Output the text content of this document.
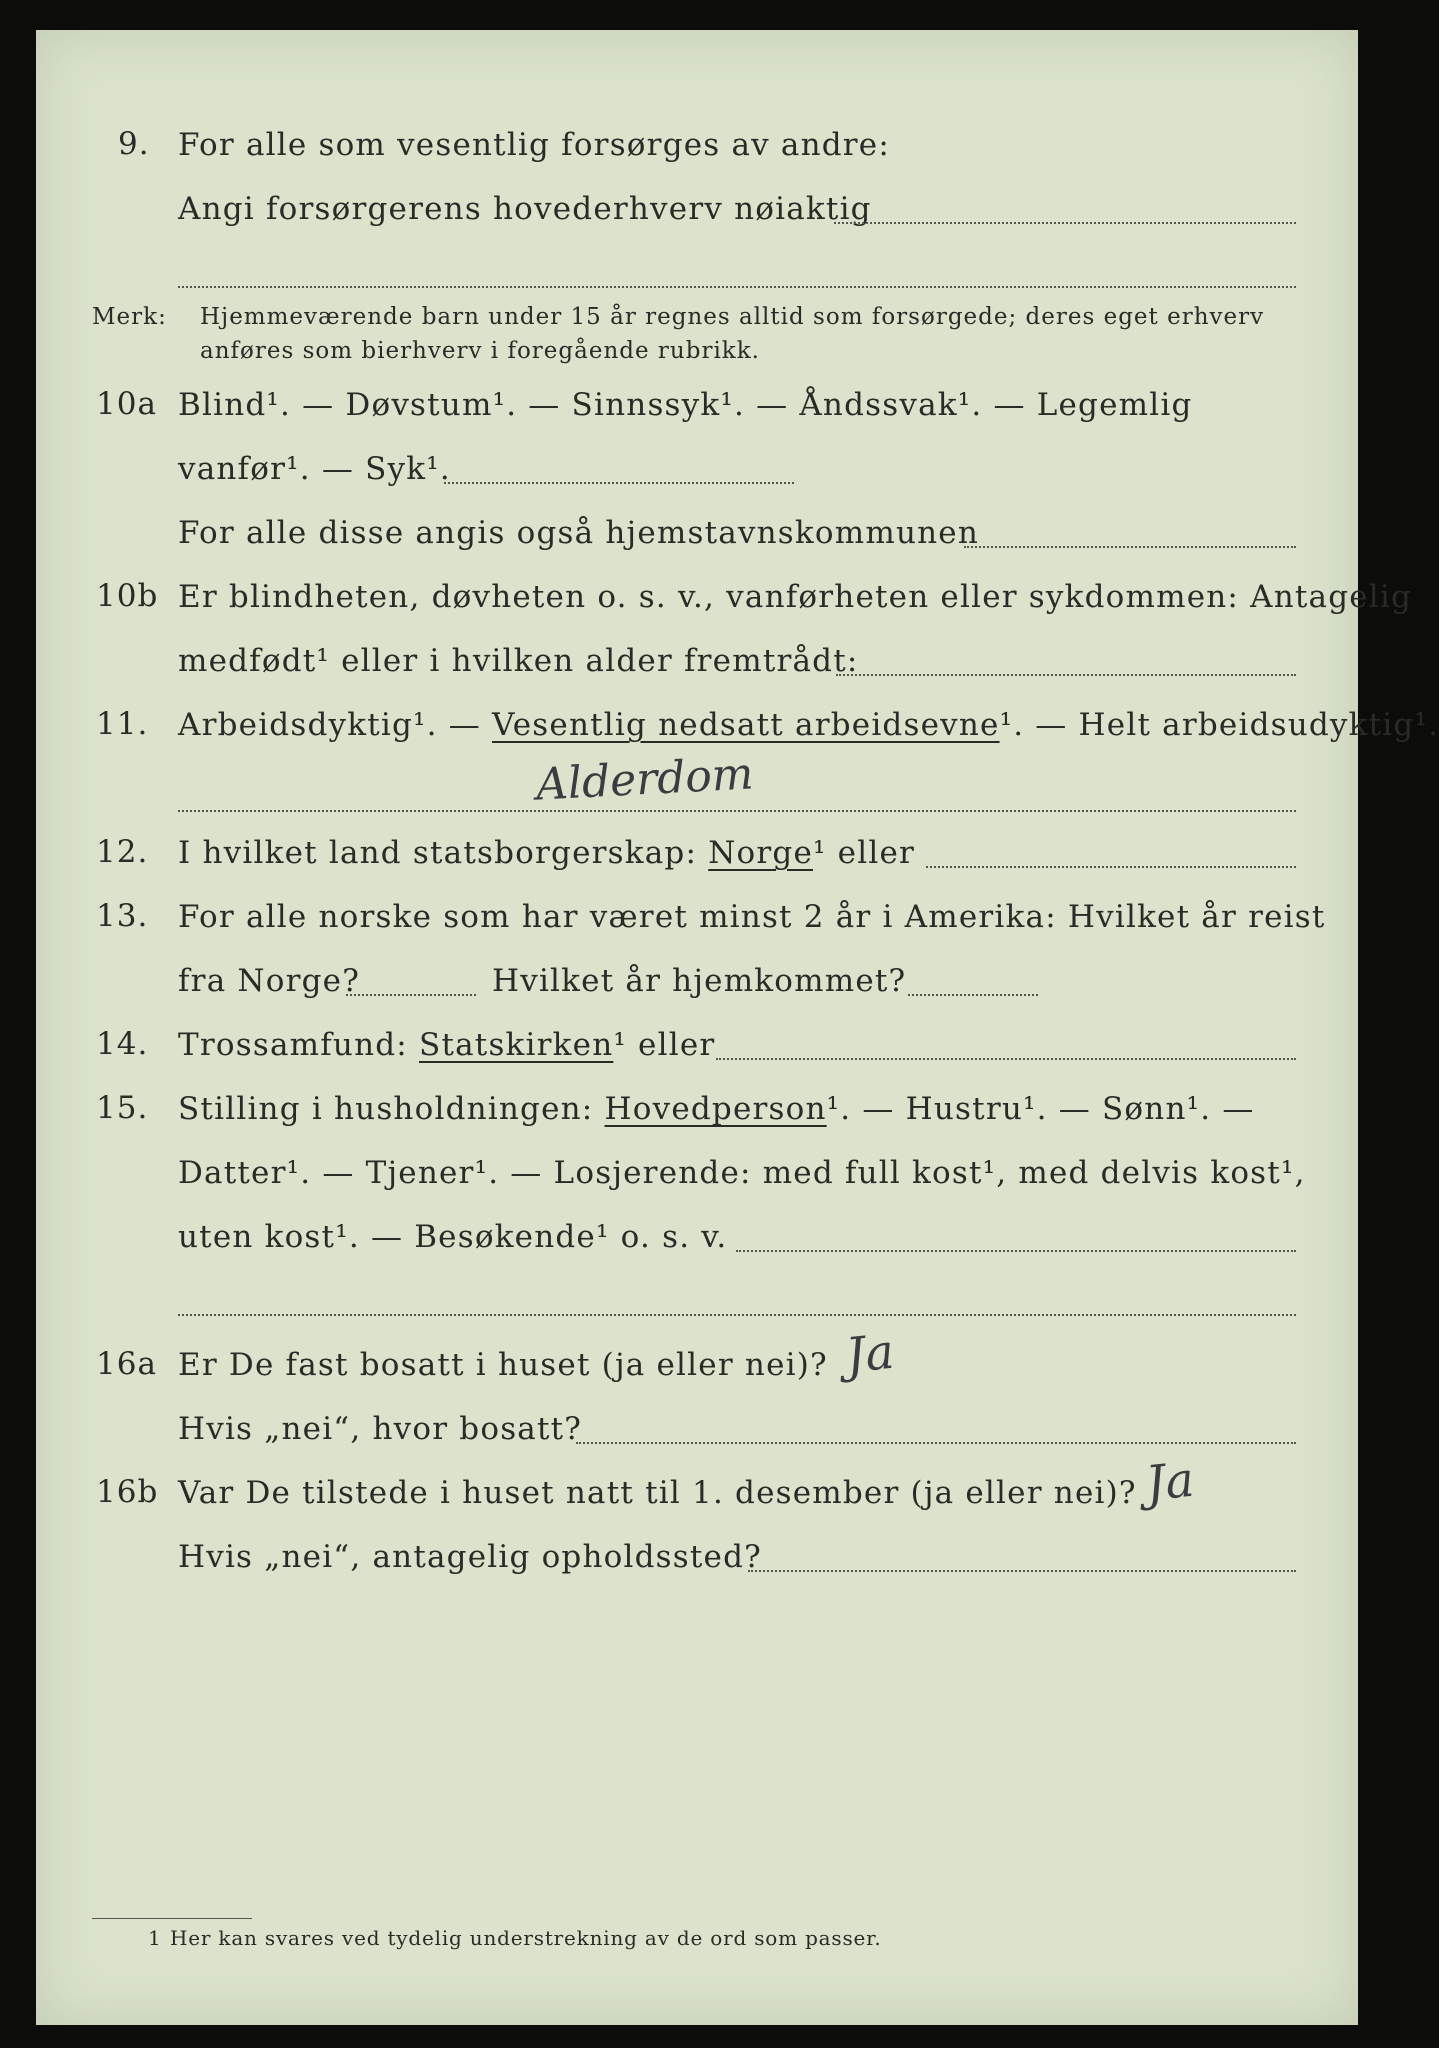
9. For alle som vesentlig forsørges av andre:
Angi forsørgerens hovederhverv nøiaktig
Merk: Hjemmeværende barn under 15 år regnes alltid som forsørgede; deres eget erhverv
anføres som bierhverv i foregående rubrikk.
10a Blind¹. — Døvstum¹. — Sinnssyk¹. — Åndssvak¹. — Legemlig
vanfør¹. — Syk¹.
For alle disse angis også hjemstavnskommunen
10b Er blindheten, døvheten o. s. v., vanførheten eller sykdommen: Antagelig
medfødt¹ eller i hvilken alder fremtrådt:
11. Arbeidsdyktig¹. — Vesentlig nedsatt arbeidsevne¹. — Helt arbeidsudyktig¹.
Alderdom
12. I hvilket land statsborgerskap: Norge¹ eller
13. For alle norske som har været minst 2 år i Amerika: Hvilket år reist
fra Norge?	Hvilket år hjemkommet?
14. Trossamfund: Statskirken¹ eller
15. Stilling i husholdningen: Hovedperson¹. — Hustru¹. — Sønn¹. —
Datter¹. — Tjener¹. — Losjerende: med full kost¹, med delvis kost¹,
uten kost¹. — Besøkende¹ o. s. v.
16a Er De fast bosatt i huset (ja eller nei)? Ja
Hvis „nei“, hvor bosatt?
16b Var De tilstede i huset natt til 1. desember (ja eller nei)? Ja
Hvis „nei“, antagelig opholdssted?
1 Her kan svares ved tydelig understrekning av de ord som passer.
